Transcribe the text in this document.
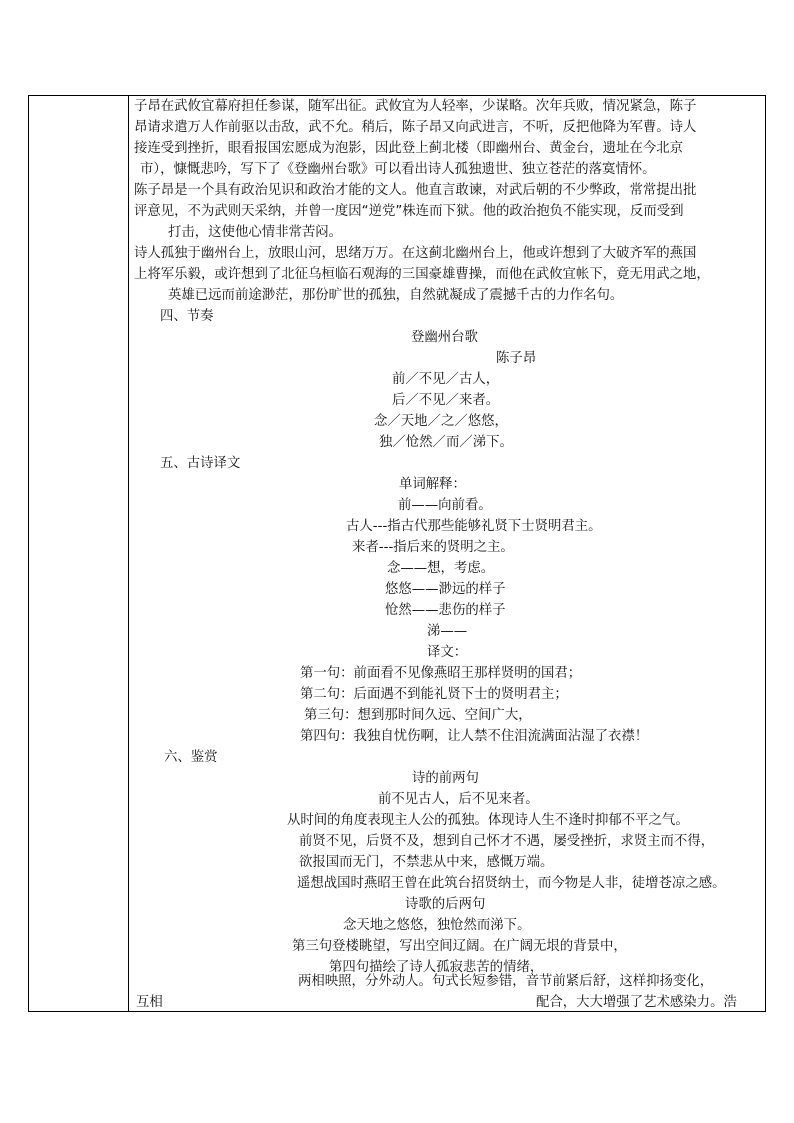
子昂在武攸宜幕府担任参谋，随军出征。武攸宜为人轻率，少谋略。次年兵败，情况紧急，陈子
昂请求遣万人作前驱以击敌，武不允。稍后，陈子昂又向武进言，不听，反把他降为军曹。诗人
接连受到挫折，眼看报国宏愿成为泡影，因此登上蓟北楼（即幽州台、黄金台，遗址在今北京
市），慷慨悲吟，写下了《登幽州台歌》可以看出诗人孤独遗世、独立苍茫的落寞情怀。
陈子昂是一个具有政治见识和政治才能的文人。他直言敢谏，对武后朝的不少弊政，常常提出批
评意见，不为武则天采纳，并曾一度因“逆党”株连而下狱。他的政治抱负不能实现，反而受到
打击，这使他心情非常苦闷。
诗人孤独于幽州台上，放眼山河，思绪万万。在这蓟北幽州台上，他或许想到了大破齐军的燕国
上将军乐毅，或许想到了北征乌桓临石观海的三国豪雄曹操，而他在武攸宜帐下，竟无用武之地，
英雄已远而前途渺茫，那份旷世的孤独，自然就凝成了震撼千古的力作名句。
四、节奏
登幽州台歌
陈子昂
前／不见／古人，
后／不见／来者。
念／天地／之／悠悠，
独／怆然／而／涕下。
五、古诗译文
单词解释：
前——向前看。
古人---指古代那些能够礼贤下士贤明君主。
来者---指后来的贤明之主。
念——想，考虑。
悠悠——渺远的样子
怆然——悲伤的样子
涕——
译文：
第一句：前面看不见像燕昭王那样贤明的国君；
第二句：后面遇不到能礼贤下士的贤明君主；
第三句：想到那时间久远、空间广大，
第四句：我独自忧伤啊，让人禁不住泪流满面沾湿了衣襟！
六、鉴赏
诗的前两句
前不见古人，后不见来者。
从时间的角度表现主人公的孤独。体现诗人生不逢时抑郁不平之气。
前贤不见，后贤不及，想到自己怀才不遇，屡受挫折，求贤主而不得，
欲报国而无门，不禁悲从中来，感慨万端。
遥想战国时燕昭王曾在此筑台招贤纳士，而今物是人非，徒增苍凉之感。
诗歌的后两句
念天地之悠悠，独怆然而涕下。
第三句登楼眺望，写出空间辽阔。在广阔无垠的背景中，
第四句描绘了诗人孤寂悲苦的情绪，
两相映照，分外动人。句式长短参错，音节前紧后舒，这样抑扬变化，
配合，大大增强了艺术感染力。浩
互相
